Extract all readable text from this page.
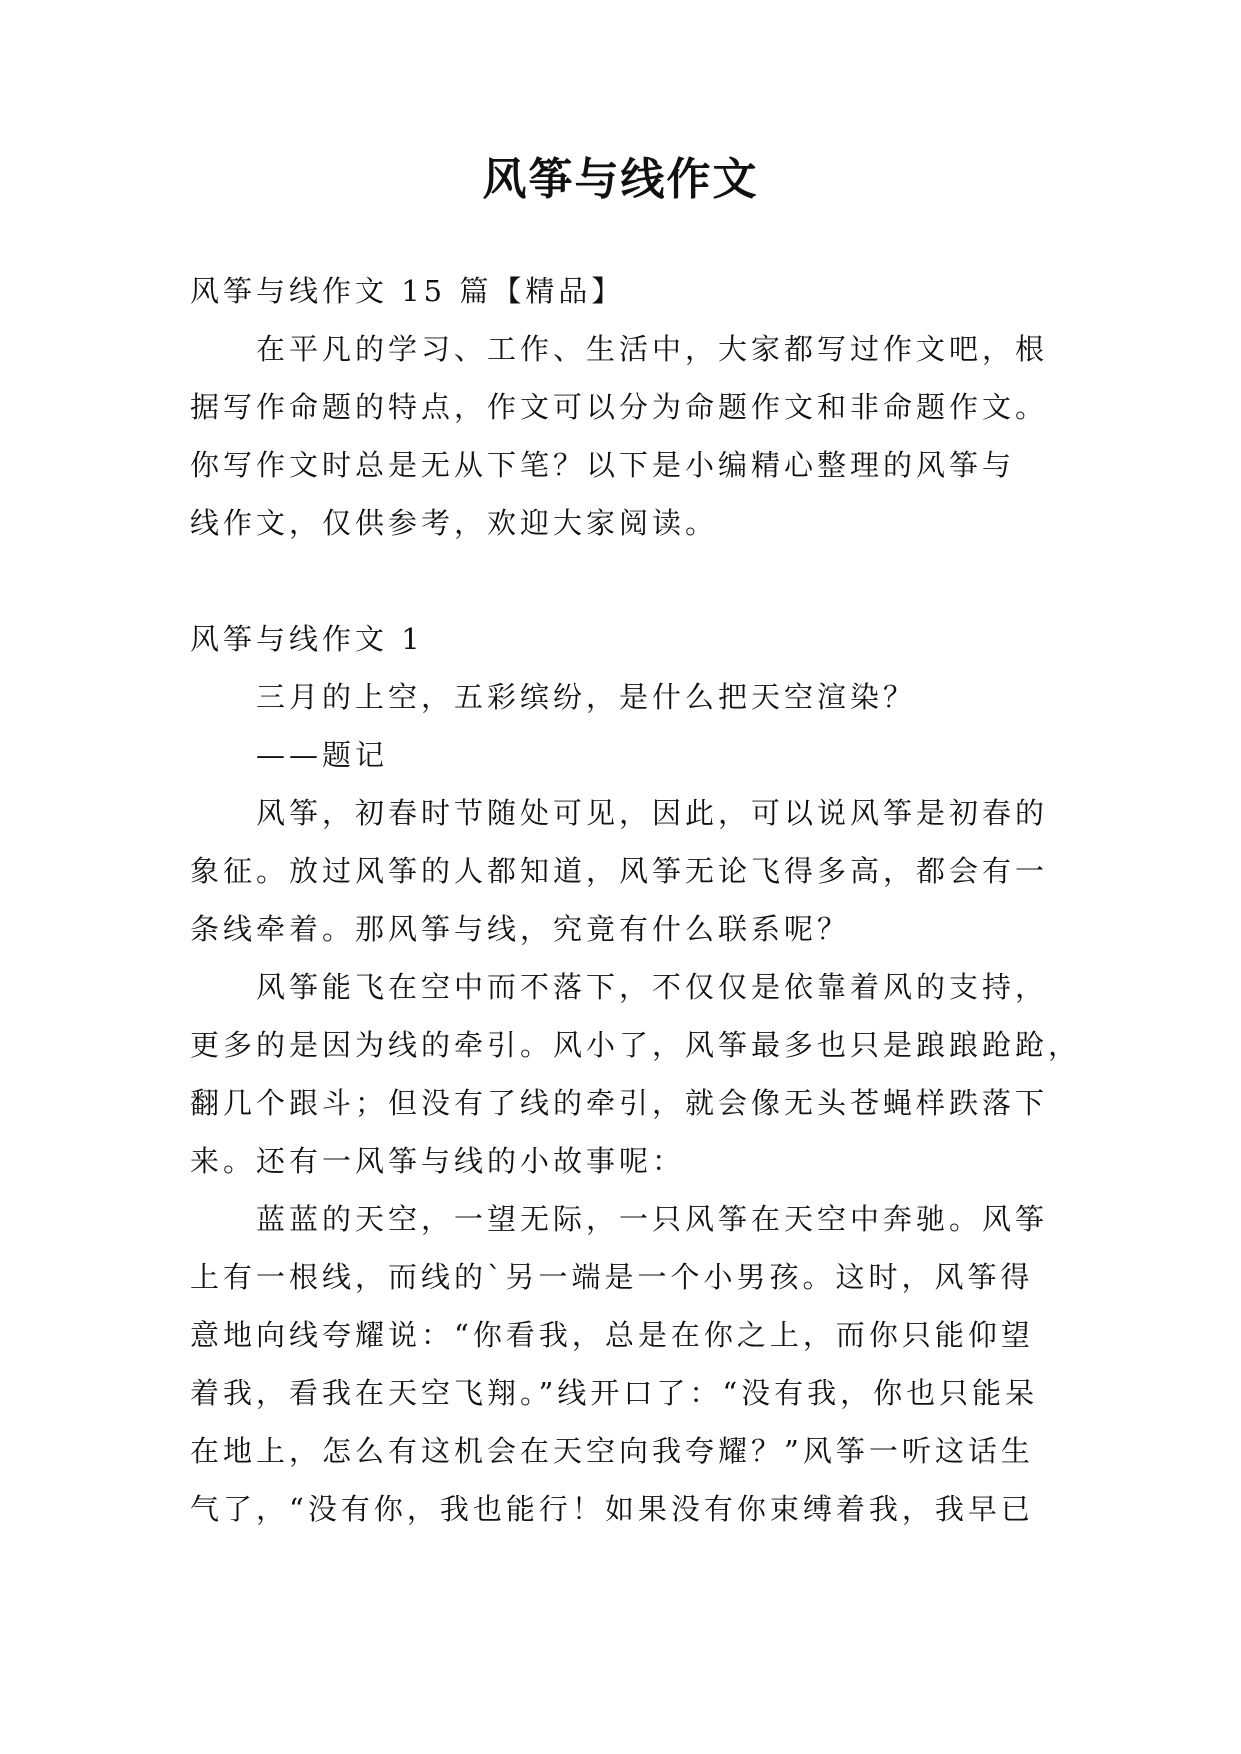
风筝与线作文
风筝与线作文 15 篇【精品】
在平凡的学习、工作、生活中，大家都写过作文吧，根
据写作命题的特点，作文可以分为命题作文和非命题作文。
你写作文时总是无从下笔？以下是小编精心整理的风筝与
线作文，仅供参考，欢迎大家阅读。
风筝与线作文 1
三月的上空，五彩缤纷，是什么把天空渲染？
——题记
风筝，初春时节随处可见，因此，可以说风筝是初春的
象征。放过风筝的人都知道，风筝无论飞得多高，都会有一
条线牵着。那风筝与线，究竟有什么联系呢？
风筝能飞在空中而不落下，不仅仅是依靠着风的支持，
更多的是因为线的牵引。风小了，风筝最多也只是踉踉跄跄，
翻几个跟斗；但没有了线的牵引，就会像无头苍蝇样跌落下
来。还有一风筝与线的小故事呢：
蓝蓝的天空，一望无际，一只风筝在天空中奔驰。风筝
上有一根线，而线的`另一端是一个小男孩。这时，风筝得
意地向线夸耀说：“你看我，总是在你之上，而你只能仰望
着我，看我在天空飞翔。”线开口了：“没有我，你也只能呆
在地上，怎么有这机会在天空向我夸耀？”风筝一听这话生
气了，“没有你，我也能行！如果没有你束缚着我，我早已
